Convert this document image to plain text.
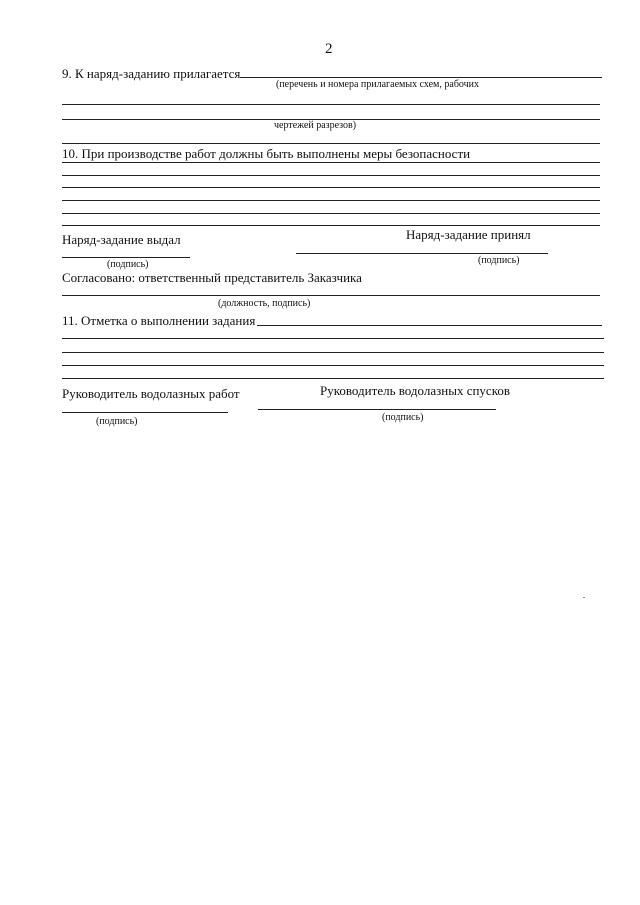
2
9. К наряд-заданию прилагается
(перечень и номера прилагаемых схем, рабочих
чертежей разрезов)
10. При производстве работ должны быть выполнены меры безопасности
Наряд-задание выдал	Наряд-задание принял
(подпись)
(подпись)
Согласовано: ответственный представитель Заказчика
(должность, подпись)
11. Отметка о выполнении задания
Руководитель водолазных работ	Руководитель водолазных спусков
(подпись)
(подпись)
